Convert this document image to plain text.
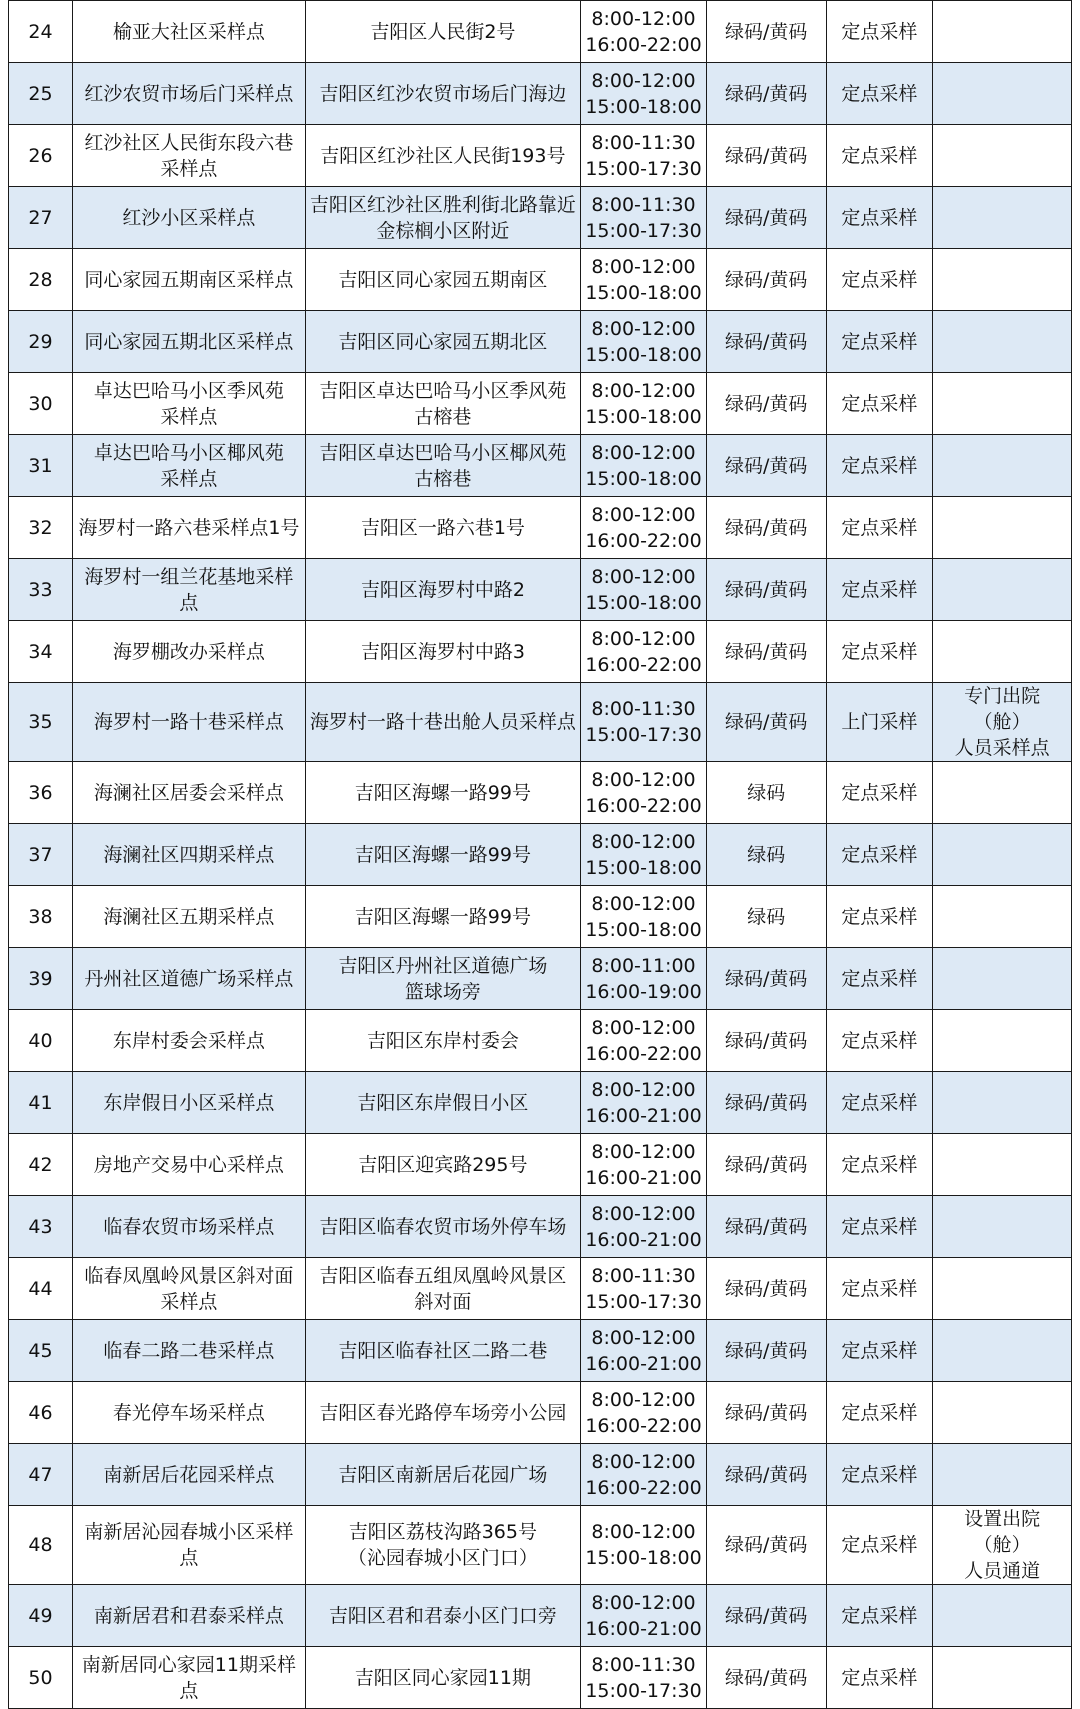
24	榆亚大社区采样点	吉阳区人民街2号	8:00-12:00
16:00-22:00	绿码/黄码	定点采样	
25	红沙农贸市场后门采样点	吉阳区红沙农贸市场后门海边	8:00-12:00
15:00-18:00	绿码/黄码	定点采样	
26	红沙社区人民街东段六巷
采样点	吉阳区红沙社区人民街193号	8:00-11:30
15:00-17:30	绿码/黄码	定点采样	
27	红沙小区采样点	吉阳区红沙社区胜利街北路靠近
金棕榈小区附近	8:00-11:30
15:00-17:30	绿码/黄码	定点采样	
28	同心家园五期南区采样点	吉阳区同心家园五期南区	8:00-12:00
15:00-18:00	绿码/黄码	定点采样	
29	同心家园五期北区采样点	吉阳区同心家园五期北区	8:00-12:00
15:00-18:00	绿码/黄码	定点采样	
30	卓达巴哈马小区季风苑
采样点	吉阳区卓达巴哈马小区季风苑
古榕巷	8:00-12:00
15:00-18:00	绿码/黄码	定点采样	
31	卓达巴哈马小区椰风苑
采样点	吉阳区卓达巴哈马小区椰风苑
古榕巷	8:00-12:00
15:00-18:00	绿码/黄码	定点采样	
32	海罗村一路六巷采样点1号	吉阳区一路六巷1号	8:00-12:00
16:00-22:00	绿码/黄码	定点采样	
33	海罗村一组兰花基地采样点	吉阳区海罗村中路2	8:00-12:00
15:00-18:00	绿码/黄码	定点采样	
34	海罗棚改办采样点	吉阳区海罗村中路3	8:00-12:00
16:00-22:00	绿码/黄码	定点采样	
35	海罗村一路十巷采样点	海罗村一路十巷出舱人员采样点	8:00-11:30
15:00-17:30	绿码/黄码	上门采样	专门出院（舱）
人员采样点
36	海澜社区居委会采样点	吉阳区海螺一路99号	8:00-12:00
16:00-22:00	绿码	定点采样	
37	海澜社区四期采样点	吉阳区海螺一路99号	8:00-12:00
15:00-18:00	绿码	定点采样	
38	海澜社区五期采样点	吉阳区海螺一路99号	8:00-12:00
15:00-18:00	绿码	定点采样	
39	丹州社区道德广场采样点	吉阳区丹州社区道德广场
篮球场旁	8:00-11:00
16:00-19:00	绿码/黄码	定点采样	
40	东岸村委会采样点	吉阳区东岸村委会	8:00-12:00
16:00-22:00	绿码/黄码	定点采样	
41	东岸假日小区采样点	吉阳区东岸假日小区	8:00-12:00
16:00-21:00	绿码/黄码	定点采样	
42	房地产交易中心采样点	吉阳区迎宾路295号	8:00-12:00
16:00-21:00	绿码/黄码	定点采样	
43	临春农贸市场采样点	吉阳区临春农贸市场外停车场	8:00-12:00
16:00-21:00	绿码/黄码	定点采样	
44	临春凤凰岭风景区斜对面
采样点	吉阳区临春五组凤凰岭风景区
斜对面	8:00-11:30
15:00-17:30	绿码/黄码	定点采样	
45	临春二路二巷采样点	吉阳区临春社区二路二巷	8:00-12:00
16:00-21:00	绿码/黄码	定点采样	
46	春光停车场采样点	吉阳区春光路停车场旁小公园	8:00-12:00
16:00-22:00	绿码/黄码	定点采样	
47	南新居后花园采样点	吉阳区南新居后花园广场	8:00-12:00
16:00-22:00	绿码/黄码	定点采样	
48	南新居沁园春城小区采样点	吉阳区荔枝沟路365号
（沁园春城小区门口）	8:00-12:00
15:00-18:00	绿码/黄码	定点采样	设置出院（舱）
人员通道
49	南新居君和君泰采样点	吉阳区君和君泰小区门口旁	8:00-12:00
16:00-21:00	绿码/黄码	定点采样	
50	南新居同心家园11期采样
点	吉阳区同心家园11期	8:00-11:30
15:00-17:30	绿码/黄码	定点采样	
